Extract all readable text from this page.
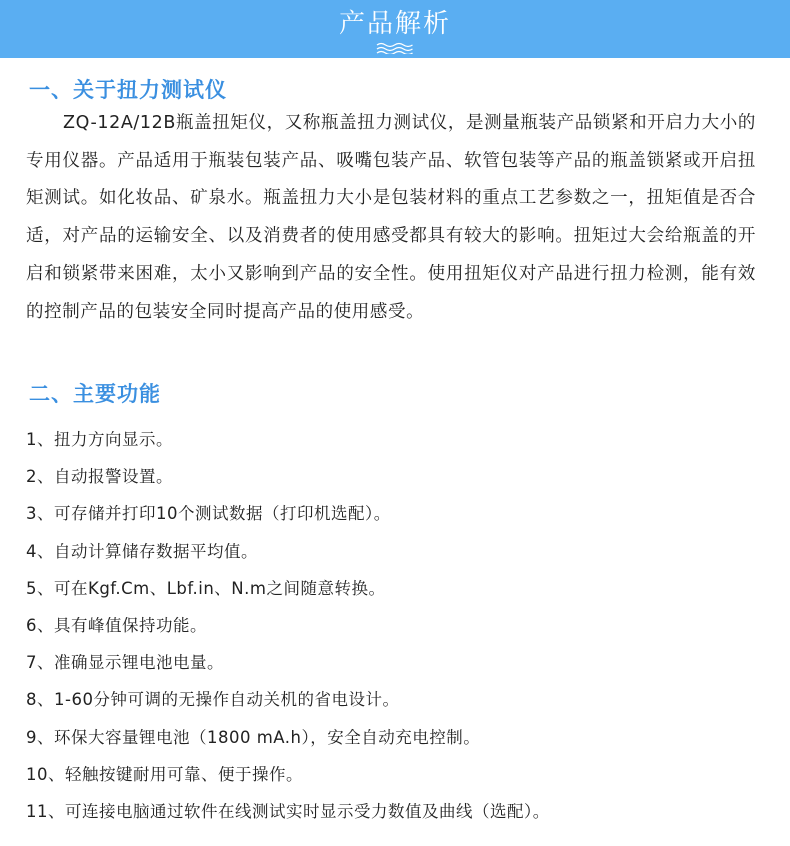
产品解析
一、关于扭力测试仪
ZQ-12A/12B瓶盖扭矩仪，又称瓶盖扭力测试仪，是测量瓶装产品锁紧和开启力大小的专用仪器。产品适用于瓶装包装产品、吸嘴包装产品、软管包装等产品的瓶盖锁紧或开启扭矩测试。如化妆品、矿泉水。瓶盖扭力大小是包装材料的重点工艺参数之一，扭矩值是否合适，对产品的运输安全、以及消费者的使用感受都具有较大的影响。扭矩过大会给瓶盖的开启和锁紧带来困难，太小又影响到产品的安全性。使用扭矩仪对产品进行扭力检测，能有效的控制产品的包装安全同时提高产品的使用感受。
二、主要功能
1、扭力方向显示。
2、自动报警设置。
3、可存储并打印10个测试数据（打印机选配）。
4、自动计算储存数据平均值。
5、可在Kgf.Cm、Lbf.in、N.m之间随意转换。
6、具有峰值保持功能。
7、准确显示锂电池电量。
8、1-60分钟可调的无操作自动关机的省电设计。
9、环保大容量锂电池（1800 mA.h），安全自动充电控制。
10、轻触按键耐用可靠、便于操作。
11、可连接电脑通过软件在线测试实时显示受力数值及曲线（选配）。
